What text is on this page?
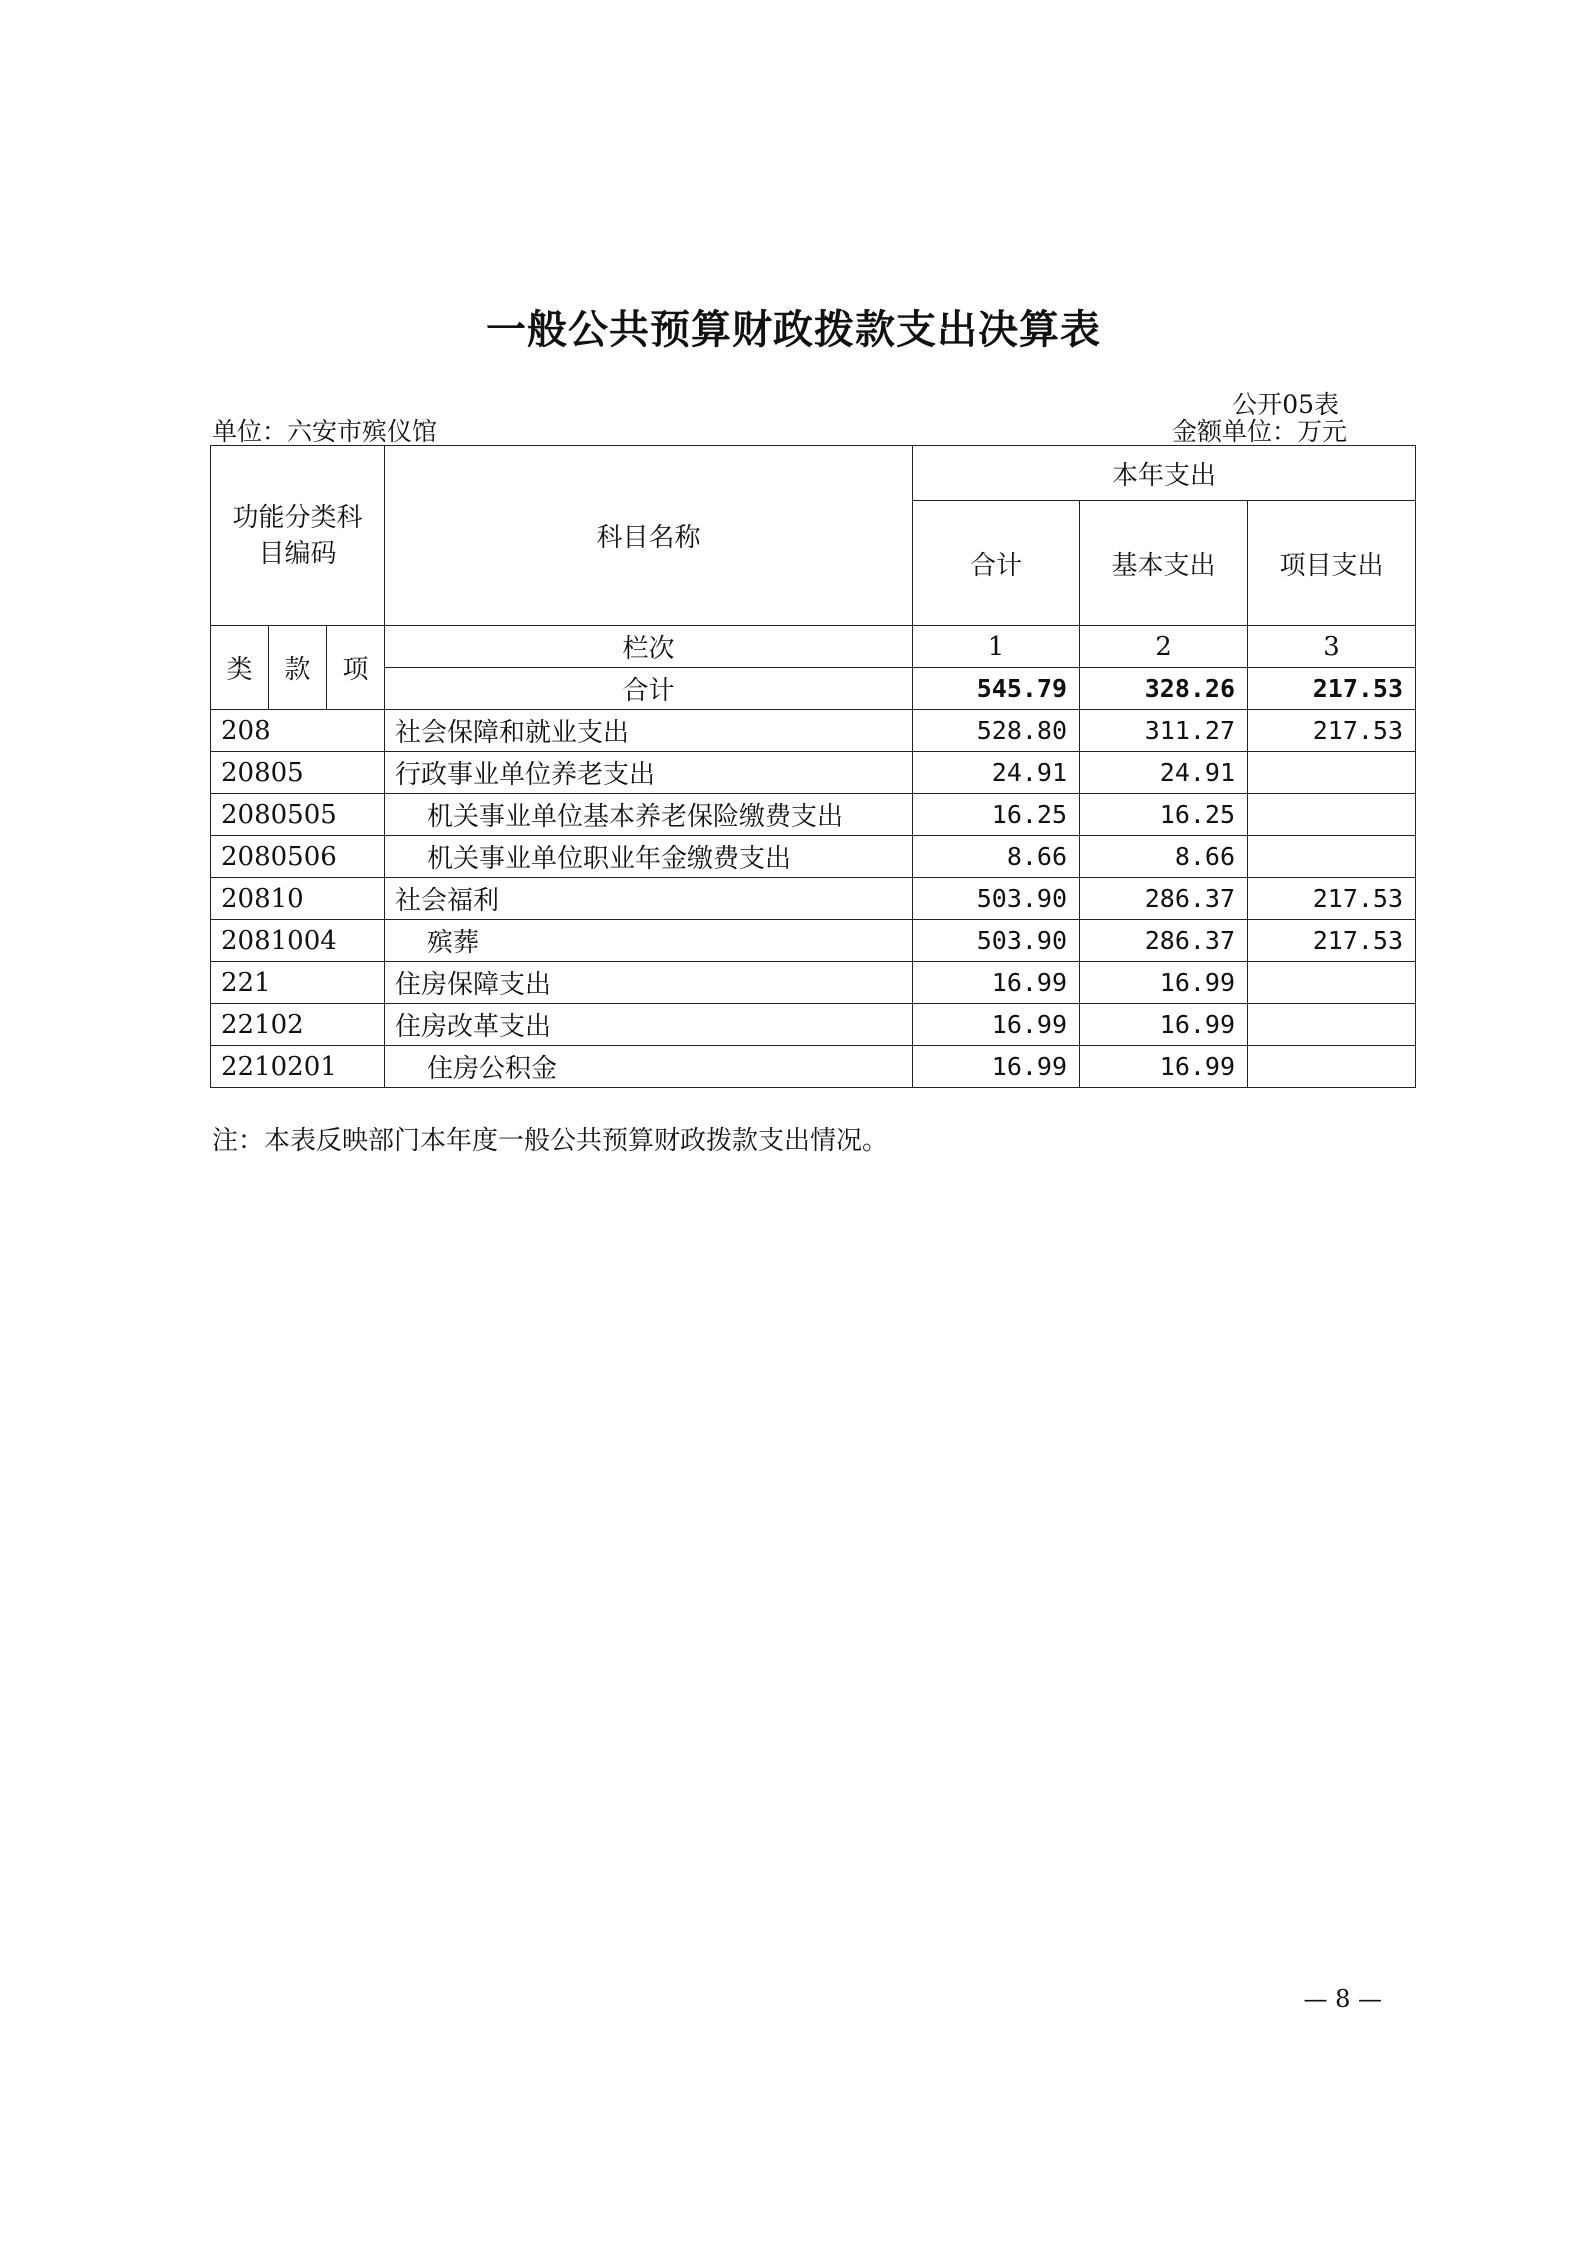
一般公共预算财政拨款支出决算表
公开05表
单位：六安市殡仪馆	金额单位：万元
功能分类科目编码			科目名称	本年支出		
				合计	基本支出	项目支出
类	款	项	栏次	1	2	3
			合计	545.79	328.26	217.53
208			社会保障和就业支出	528.80	311.27	217.53
20805			行政事业单位养老支出	24.91	24.91	
2080505			机关事业单位基本养老保险缴费支出	16.25	16.25	
2080506			机关事业单位职业年金缴费支出	8.66	8.66	
20810			社会福利	503.90	286.37	217.53
2081004			殡葬	503.90	286.37	217.53
221			住房保障支出	16.99	16.99	
22102			住房改革支出	16.99	16.99	
2210201			住房公积金	16.99	16.99	
注：本表反映部门本年度一般公共预算财政拨款支出情况。
— 8 —
